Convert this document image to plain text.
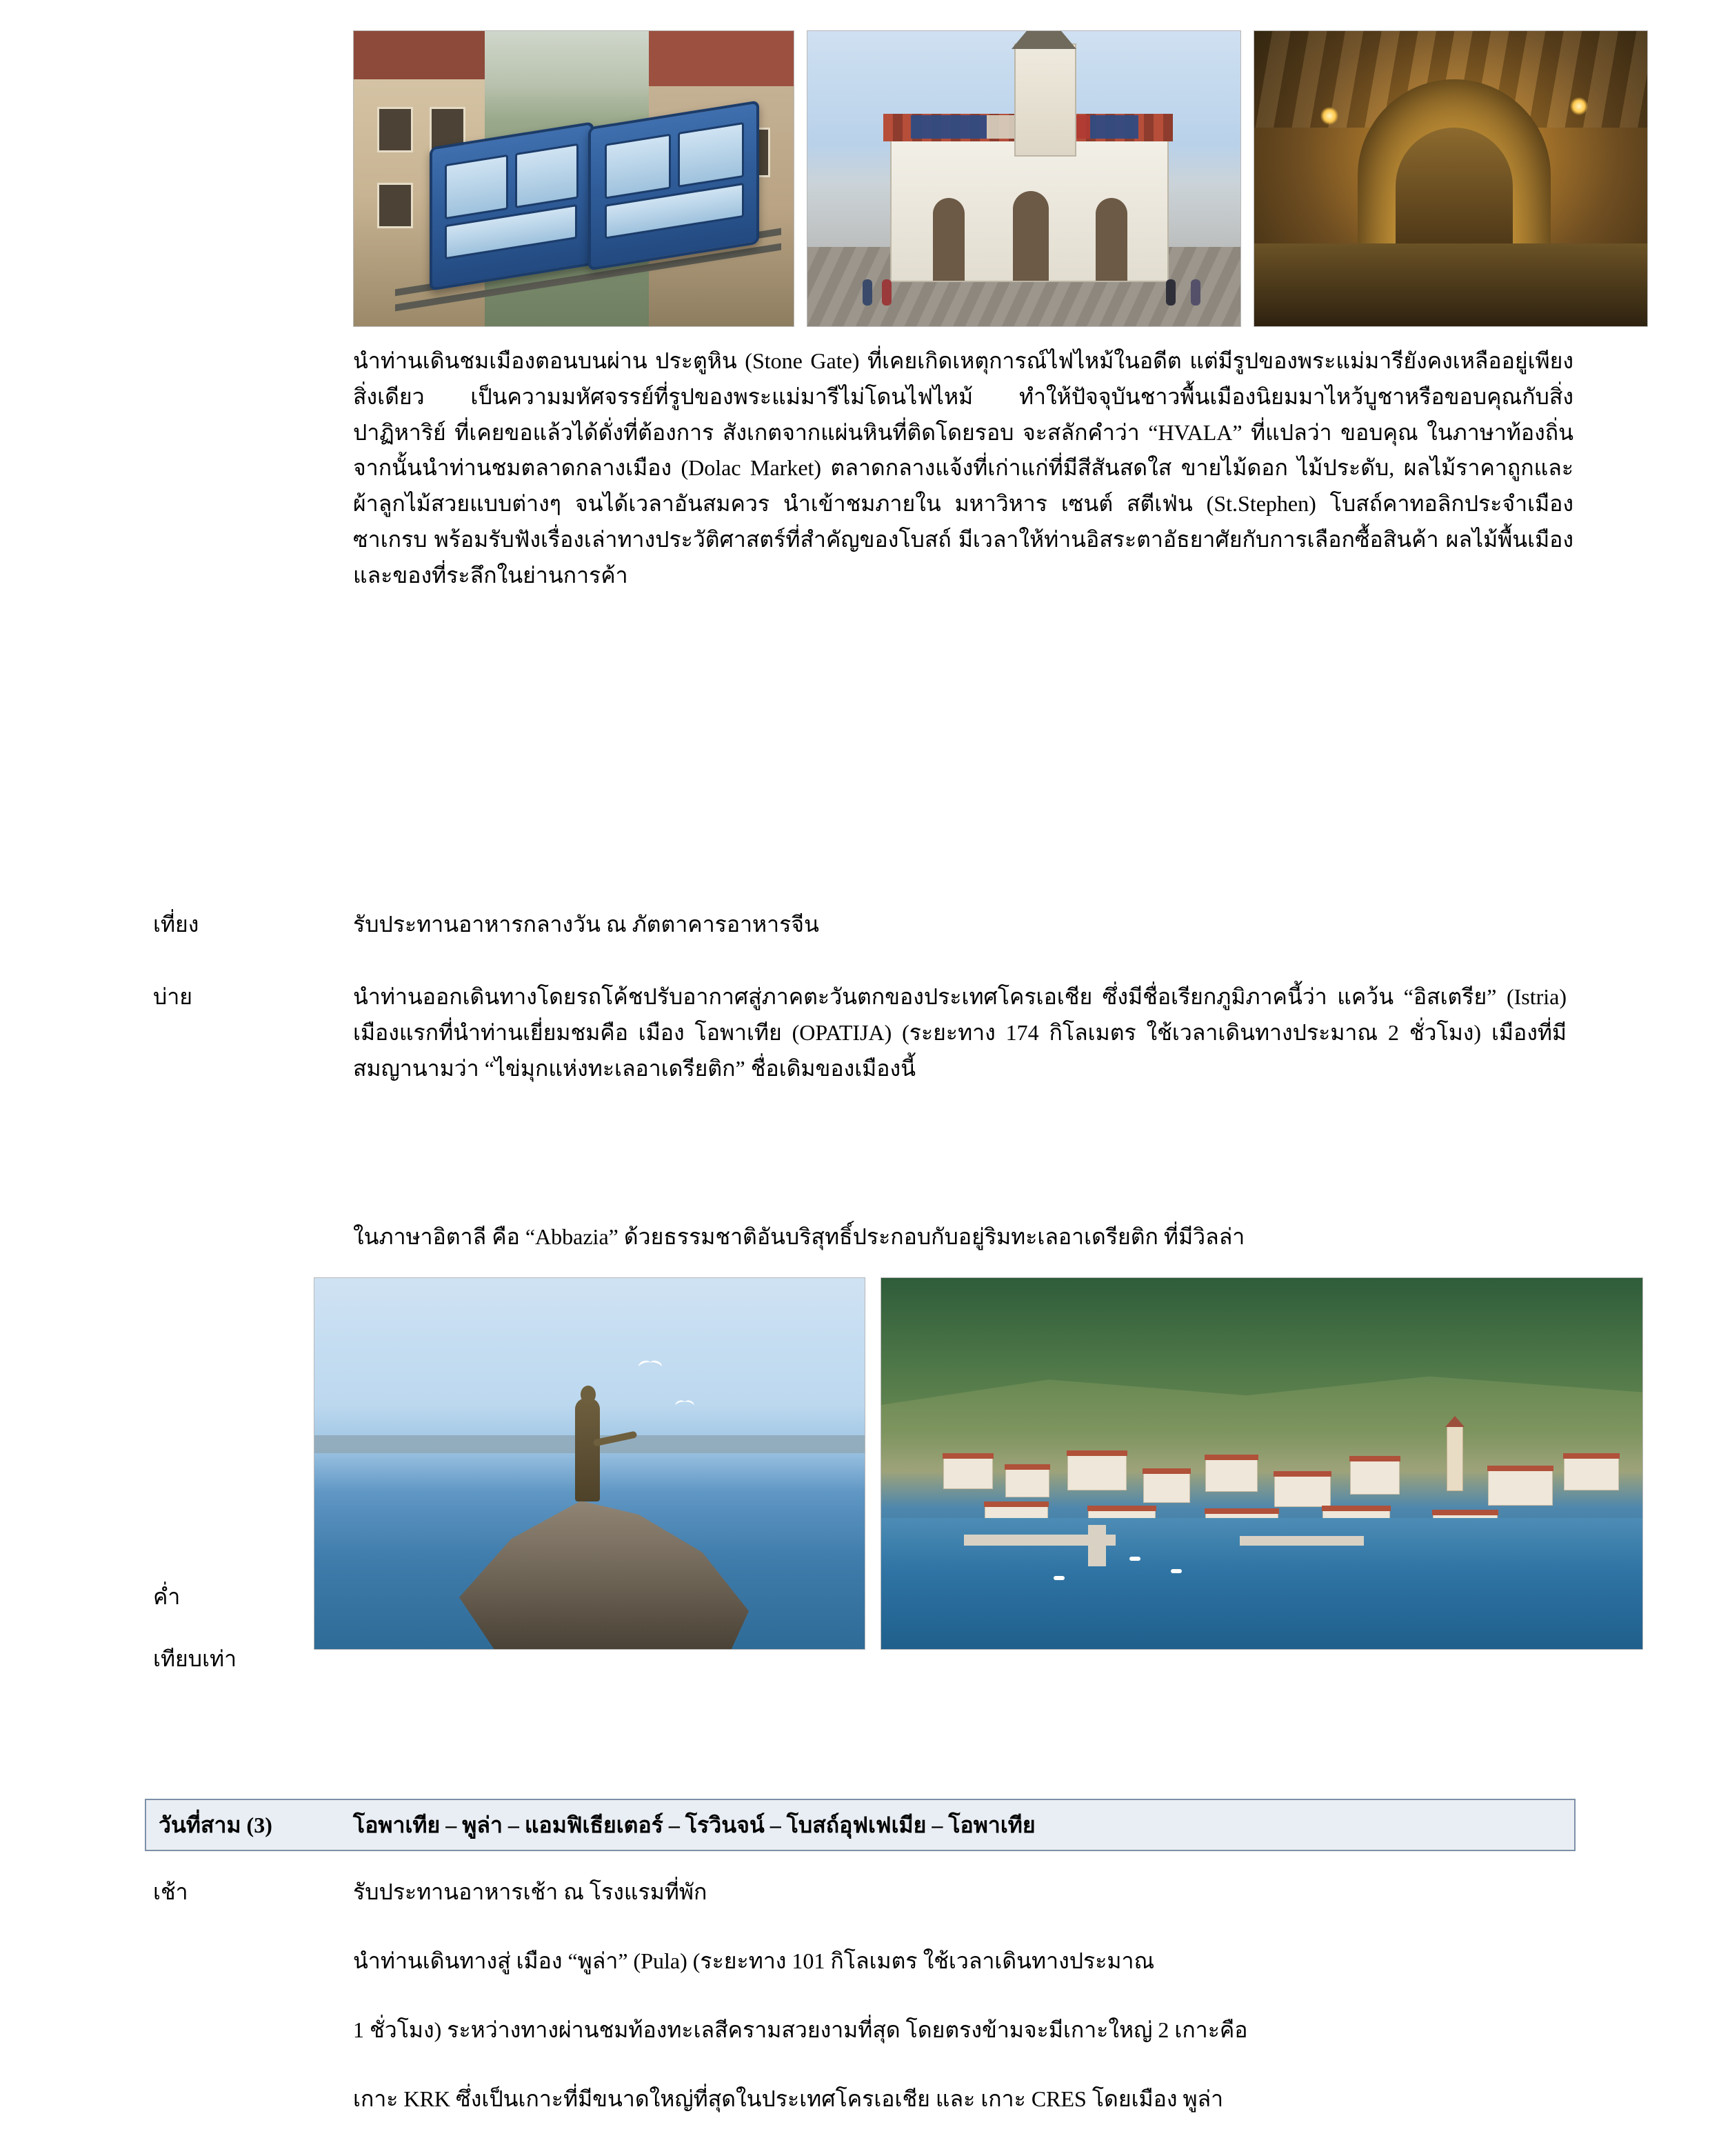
นำท่านเดินชมเมืองตอนบนผ่าน ประตูหิน (Stone Gate) ที่เคยเกิดเหตุการณ์ไฟไหม้ในอดีต แต่มีรูปของพระแม่มารียังคงเหลืออยู่เพียงสิ่งเดียว เป็นความมหัศจรรย์ที่รูปของพระแม่มารีไม่โดนไฟไหม้ ทำให้ปัจจุบันชาวพื้นเมืองนิยมมาไหว้บูชาหรือขอบคุณกับสิ่งปาฏิหาริย์ ที่เคยขอแล้วได้ดั่งที่ต้องการ สังเกตจากแผ่นหินที่ติดโดยรอบ จะสลักคำว่า “HVALA” ที่แปลว่า ขอบคุณ ในภาษาท้องถิ่น จากนั้นนำท่านชมตลาดกลางเมือง (Dolac Market) ตลาดกลางแจ้งที่เก่าแก่ที่มีสีสันสดใส ขายไม้ดอก ไม้ประดับ, ผลไม้ราคาถูกและผ้าลูกไม้สวยแบบต่างๆ จนได้เวลาอันสมควร นำเข้าชมภายใน มหาวิหาร เซนต์ สตีเฟ่น (St.Stephen) โบสถ์คาทอลิกประจำเมืองซาเกรบ พร้อมรับฟังเรื่องเล่าทางประวัติศาสตร์ที่สำคัญของโบสถ์ มีเวลาให้ท่านอิสระตาอัธยาศัยกับการเลือกซื้อสินค้า ผลไม้พื้นเมืองและของที่ระลึกในย่านการค้า

เที่ยง	รับประทานอาหารกลางวัน ณ ภัตตาคารอาหารจีน
บ่าย	นำท่านออกเดินทางโดยรถโค้ชปรับอากาศสู่ภาคตะวันตกของประเทศโครเอเชีย ซึ่งมีชื่อเรียกภูมิภาคนี้ว่า แคว้น “อิสเตรีย” (Istria) เมืองแรกที่นำท่านเยี่ยมชมคือ เมือง โอพาเทีย (OPATIJA) (ระยะทาง 174 กิโลเมตร ใช้เวลาเดินทางประมาณ 2 ชั่วโมง) เมืองที่มีสมญานามว่า “ไข่มุกแห่งทะเลอาเดรียติก” ชื่อเดิมของเมืองนี้
ในภาษาอิตาลี คือ “Abbazia” ด้วยธรรมชาติอันบริสุทธิ์ประกอบกับอยู่ริมทะเลอาเดรียติก ที่มีวิลล่า
ค่ำ
เทียบเท่า
วันที่สาม (3)	โอพาเทีย – พูล่า – แอมฟิเธียเตอร์ – โรวินจน์ – โบสถ์อุฟเฟเมีย – โอพาเทีย
เช้า	รับประทานอาหารเช้า ณ โรงแรมที่พัก
นำท่านเดินทางสู่ เมือง “พูล่า” (Pula) (ระยะทาง 101 กิโลเมตร ใช้เวลาเดินทางประมาณ
1 ชั่วโมง) ระหว่างทางผ่านชมท้องทะเลสีครามสวยงามที่สุด โดยตรงข้ามจะมีเกาะใหญ่ 2 เกาะคือ
เกาะ KRK ซึ่งเป็นเกาะที่มีขนาดใหญ่ที่สุดในประเทศโครเอเชีย และ เกาะ CRES โดยเมือง พูล่า
